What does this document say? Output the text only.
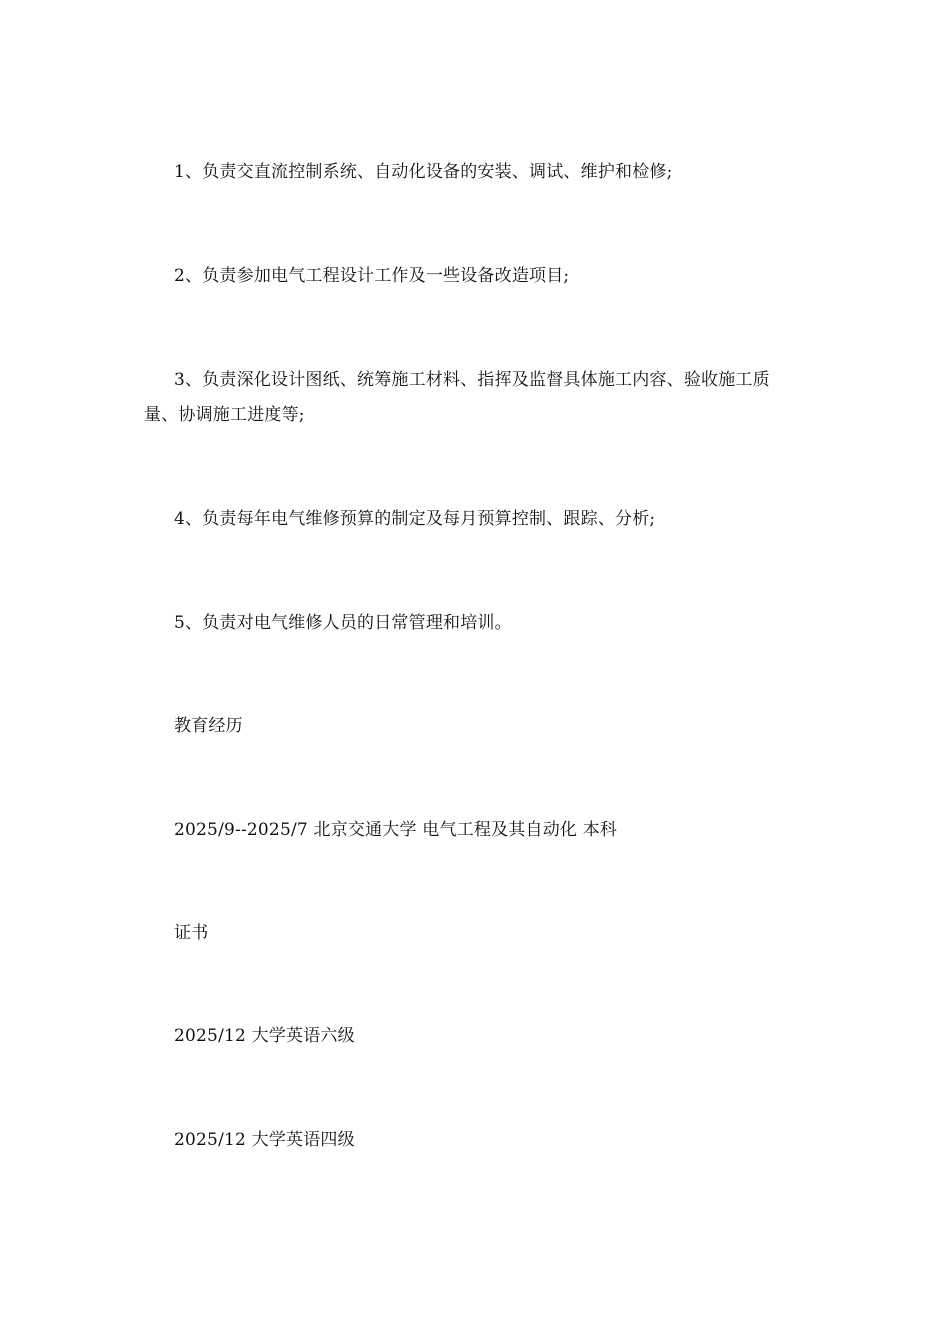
1、负责交直流控制系统、自动化设备的安装、调试、维护和检修;

2、负责参加电气工程设计工作及一些设备改造项目;

3、负责深化设计图纸、统筹施工材料、指挥及监督具体施工内容、验收施工质量、协调施工进度等;

4、负责每年电气维修预算的制定及每月预算控制、跟踪、分析;

5、负责对电气维修人员的日常管理和培训。

教育经历

2025/9--2025/7 北京交通大学 电气工程及其自动化 本科

证书

2025/12 大学英语六级

2025/12 大学英语四级
